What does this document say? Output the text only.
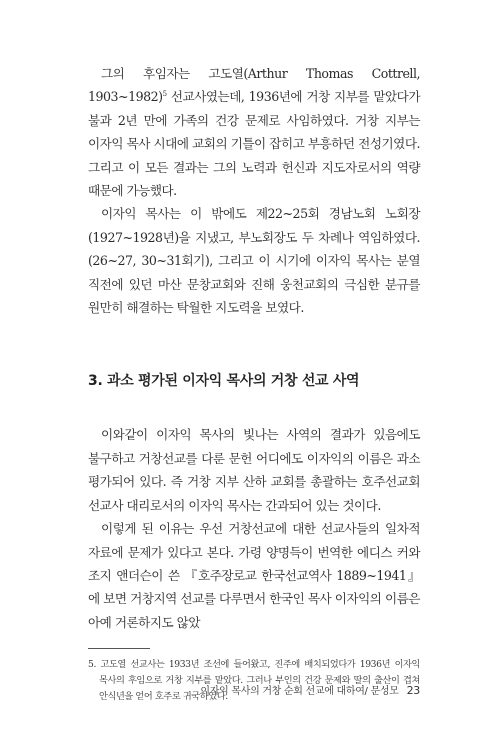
그의 후임자는 고도열(Arthur Thomas Cottrell, 1903~1982)$^5$ 선교사였는데, 1936년에 거창 지부를 맡았다가 불과 2년 만에 가족의 건강 문제로 사임하였다. 거창 지부는 이자익 목사 시대에 교회의 기틀이 잡히고 부흥하던 전성기였다. 그리고 이 모든 결과는 그의 노력과 헌신과 지도자로서의 역량 때문에 가능했다.

이자익 목사는 이 밖에도 제22~25회 경남노회 노회장(1927~1928년)을 지냈고, 부노회장도 두 차례나 역임하였다.(26~27, 30~31회기), 그리고 이 시기에 이자익 목사는 분열 직전에 있던 마산 문창교회와 진해 웅천교회의 극심한 분규를 원만히 해결하는 탁월한 지도력을 보였다.

3. 과소 평가된 이자익 목사의 거창 선교 사역

이와같이 이자익 목사의 빛나는 사역의 결과가 있음에도 불구하고 거창선교를 다룬 문헌 어디에도 이자익의 이름은 과소 평가되어 있다. 즉 거창 지부 산하 교회를 총괄하는 호주선교회 선교사 대리로서의 이자익 목사는 간과되어 있는 것이다.

이렇게 된 이유는 우선 거창선교에 대한 선교사들의 일차적 자료에 문제가 있다고 본다. 가령 양명득이 번역한 에디스 커와 조지 앤더슨이 쓴 『호주장로교 한국선교역사 1889~1941』에 보면 거창지역 선교를 다루면서 한국인 목사 이자익의 이름은 아예 거론하지도 않았

5. 고도열 선교사는 1933년 조선에 들어왔고, 진주에 배치되었다가 1936년 이자익 목사의 후임으로 거창 지부를 맡았다. 그러나 부인의 건강 문제와 딸의 출산이 겹쳐 안식년을 얻어 호주로 귀국하였다.

이자익 목사의 거창 순회 선교에 대하여/ 문성모 23
